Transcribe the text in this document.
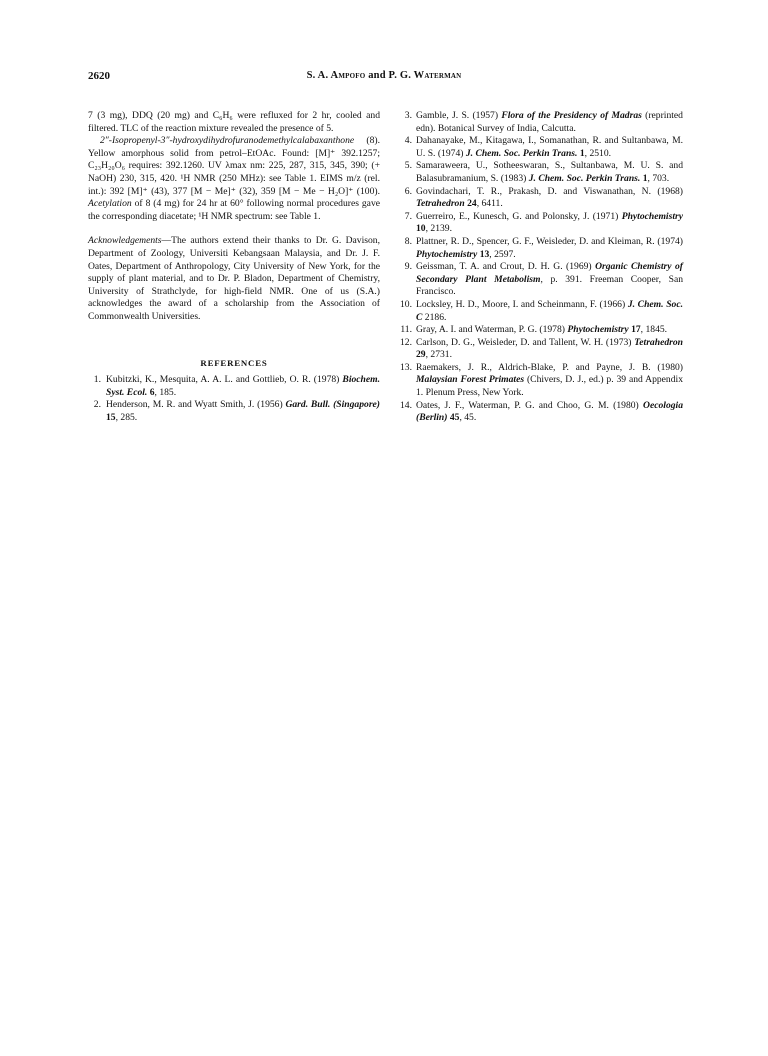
2620	S. A. Ampofo and P. G. Waterman

7 (3 mg), DDQ (20 mg) and C₆H₆ were refluxed for 2 hr, cooled and filtered. TLC of the reaction mixture revealed the presence of 5.

2″-Isopropenyl-3″-hydroxydihydrofuranodemethylcalabaxanthone (8). Yellow amorphous solid from petrol–EtOAc. Found: [M]⁺ 392.1257; C₂₃H₂₀O₆ requires: 392.1260. UV λmax nm: 225, 287, 315, 345, 390; (+ NaOH) 230, 315, 420. ¹H NMR (250 MHz): see Table 1. EIMS m/z (rel. int.): 392 [M]⁺ (43), 377 [M − Me]⁺ (32), 359 [M − Me − H₂O]⁺ (100). Acetylation of 8 (4 mg) for 24 hr at 60° following normal procedures gave the corresponding diacetate; ¹H NMR spectrum: see Table 1.

Acknowledgements—The authors extend their thanks to Dr. G. Davison, Department of Zoology, Universiti Kebangsaan Malaysia, and Dr. J. F. Oates, Department of Anthropology, City University of New York, for the supply of plant material, and to Dr. P. Bladon, Department of Chemistry, University of Strathclyde, for high-field NMR. One of us (S.A.) acknowledges the award of a scholarship from the Association of Commonwealth Universities.

REFERENCES

1. Kubitzki, K., Mesquita, A. A. L. and Gottlieb, O. R. (1978) Biochem. Syst. Ecol. 6, 185.

2. Henderson, M. R. and Wyatt Smith, J. (1956) Gard. Bull. (Singapore) 15, 285.

3. Gamble, J. S. (1957) Flora of the Presidency of Madras (reprinted edn). Botanical Survey of India, Calcutta.

4. Dahanayake, M., Kitagawa, I., Somanathan, R. and Sultanbawa, M. U. S. (1974) J. Chem. Soc. Perkin Trans. 1, 2510.

5. Samaraweera, U., Sotheeswaran, S., Sultanbawa, M. U. S. and Balasubramanium, S. (1983) J. Chem. Soc. Perkin Trans. 1, 703.

6. Govindachari, T. R., Prakash, D. and Viswanathan, N. (1968) Tetrahedron 24, 6411.

7. Guerreiro, E., Kunesch, G. and Polonsky, J. (1971) Phytochemistry 10, 2139.

8. Plattner, R. D., Spencer, G. F., Weisleder, D. and Kleiman, R. (1974) Phytochemistry 13, 2597.

9. Geissman, T. A. and Crout, D. H. G. (1969) Organic Chemistry of Secondary Plant Metabolism, p. 391. Freeman Cooper, San Francisco.

10. Locksley, H. D., Moore, I. and Scheinmann, F. (1966) J. Chem. Soc. C 2186.

11. Gray, A. I. and Waterman, P. G. (1978) Phytochemistry 17, 1845.

12. Carlson, D. G., Weisleder, D. and Tallent, W. H. (1973) Tetrahedron 29, 2731.

13. Raemakers, J. R., Aldrich-Blake, P. and Payne, J. B. (1980) Malaysian Forest Primates (Chivers, D. J., ed.) p. 39 and Appendix 1. Plenum Press, New York.

14. Oates, J. F., Waterman, P. G. and Choo, G. M. (1980) Oecologia (Berlin) 45, 45.
